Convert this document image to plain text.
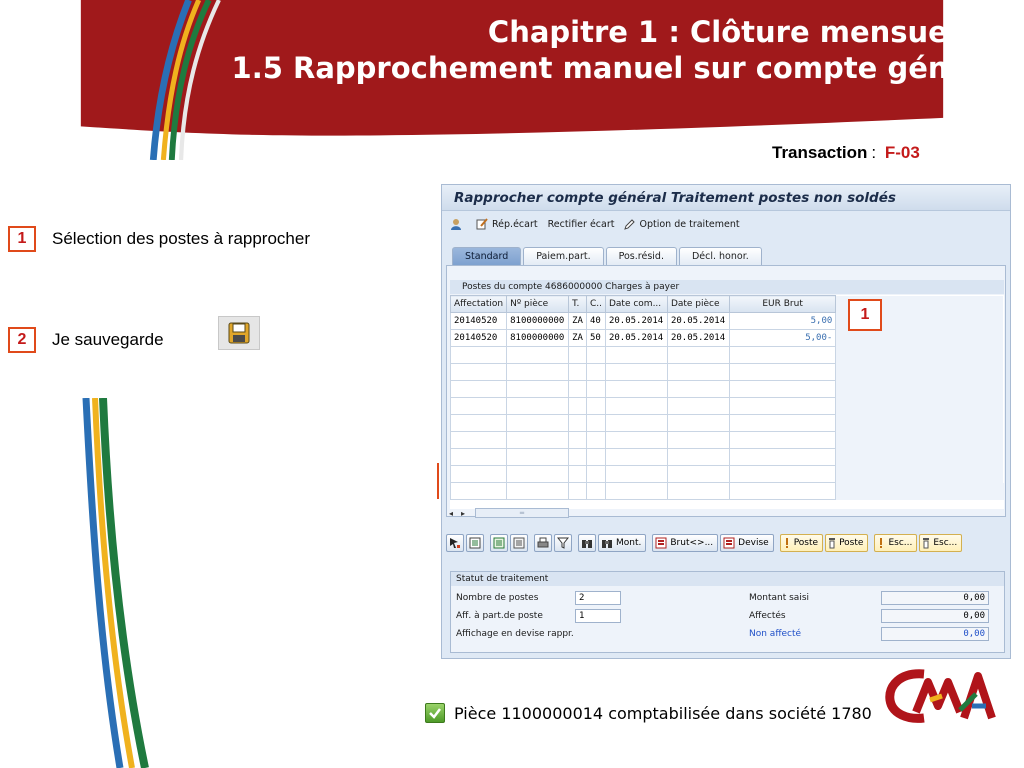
Chapitre 1 : Clôture mensuelle –
1.5 Rapprochement manuel sur compte général
Transaction : F-03
1	Sélection des postes à rapprocher
2	Je sauvegarde
Rapprocher compte général Traitement postes non soldés
Rép.écart Rectifier écart	Option de traitement
Standard	Paiem.part.	Pos.résid.	Décl. honor.
Postes du compte 4686000000 Charges à payer
Affectation	Nº pièce	T.	C..	Date com...	Date pièce	EUR Brut	
20140520	8100000000	ZA	40	20.05.2014	20.05.2014	5,00	
20140520	8100000000	ZA	50	20.05.2014	20.05.2014	5,00-	

◂ ▸	═
Mont.	Brut<>...	Devise	Poste Poste	Esc... Esc...
Statut de traitement
Nombre de postes	2
Aff. à part.de poste	1
Affichage en devise rappr.
Montant saisi	0,00
Affectés	0,00
Non affecté	0,00
1
Pièce 1100000014 comptabilisée dans société 1780
